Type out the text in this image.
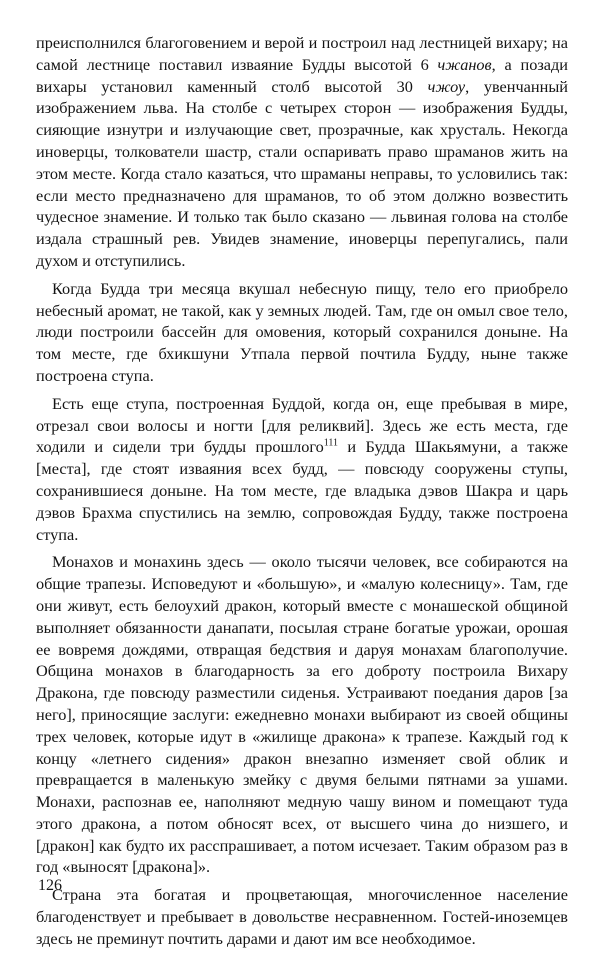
преисполнился благоговением и верой и построил над лестницей вихару; на самой лестнице поставил изваяние Будды высотой 6 чжанов, а позади вихары установил каменный столб высотой 30 чжоу, увенчанный изображением льва. На столбе с четырех сторон — изображения Будды, сияющие изнутри и излучающие свет, прозрачные, как хрусталь. Некогда иноверцы, толкователи шастр, стали оспаривать право шраманов жить на этом месте. Когда стало казаться, что шраманы неправы, то условились так: если место предназначено для шраманов, то об этом должно возвестить чудесное знамение. И только так было сказано — львиная голова на столбе издала страшный рев. Увидев знамение, иноверцы перепугались, пали духом и отступились.

Когда Будда три месяца вкушал небесную пищу, тело его приобрело небесный аромат, не такой, как у земных людей. Там, где он омыл свое тело, люди построили бассейн для омовения, который сохранился доныне. На том месте, где бхикшуни Утпала первой почтила Будду, ныне также построена ступа.

Есть еще ступа, построенная Буддой, когда он, еще пребывая в мире, отрезал свои волосы и ногти [для реликвий]. Здесь же есть места, где ходили и сидели три будды прошлого$^{111}$ и Будда Шакьямуни, а также [места], где стоят изваяния всех будд, — повсюду сооружены ступы, сохранившиеся доныне. На том месте, где владыка дэвов Шакра и царь дэвов Брахма спустились на землю, сопровождая Будду, также построена ступа.

Монахов и монахинь здесь — около тысячи человек, все собираются на общие трапезы. Исповедуют и «большую», и «малую колесницу». Там, где они живут, есть белоухий дракон, который вместе с монашеской общиной выполняет обязанности данапати, посылая стране богатые урожаи, орошая ее вовремя дождями, отвращая бедствия и даруя монахам благополучие. Община монахов в благодарность за его доброту построила Вихару Дракона, где повсюду разместили сиденья. Устраивают поедания даров [за него], приносящие заслуги: ежедневно монахи выбирают из своей общины трех человек, которые идут в «жилище дракона» к трапезе. Каждый год к концу «летнего сидения» дракон внезапно изменяет свой облик и превращается в маленькую змейку с двумя белыми пятнами за ушами. Монахи, распознав ее, наполняют медную чашу вином и помещают туда этого дракона, а потом обносят всех, от высшего чина до низшего, и [дракон] как будто их расспрашивает, а потом исчезает. Таким образом раз в год «выносят [дракона]».

Страна эта богатая и процветающая, многочисленное население благоденствует и пребывает в довольстве несравненном. Гостей-иноземцев здесь не преминут почтить дарами и дают им все необходимое.

126
